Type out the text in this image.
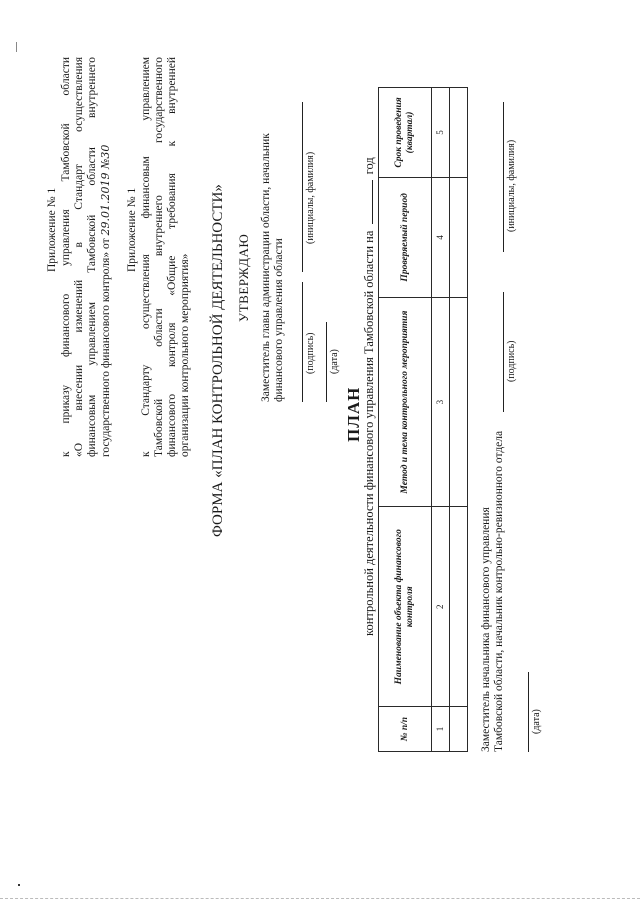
Приложение № 1 к приказу финансового управления Тамбовской области «О внесении изменений в Стандарт осуществления финансовым управлением Тамбовской области внутреннего государственного финансового контроля» от 29.01.2019 №30 Приложение № 1 к Стандарту осуществления финансовым управлением Тамбовской области внутреннего государственного финансового контроля «Общие требования к внутренней организации контрольного мероприятия» ФОРМА «ПЛАН КОНТРОЛЬНОЙ ДЕЯТЕЛЬНОСТИ» УТВЕРЖДАЮ Заместитель главы администрации области, начальник финансового управления области (подпись)
(инициалы, фамилия)
(дата)
ПЛАН контрольной деятельности финансового управления Тамбовской области на  год
№ п/п	Наименование объекта финансового контроля	Метод и тема контрольного мероприятия	Проверяемый период	Срок проведения (квартал)
1	2	3	4	5

Заместитель начальника финансового управления Тамбовской области, начальник контрольно-ревизионного отдела
(подпись)
(инициалы, фамилия)
(дата)
